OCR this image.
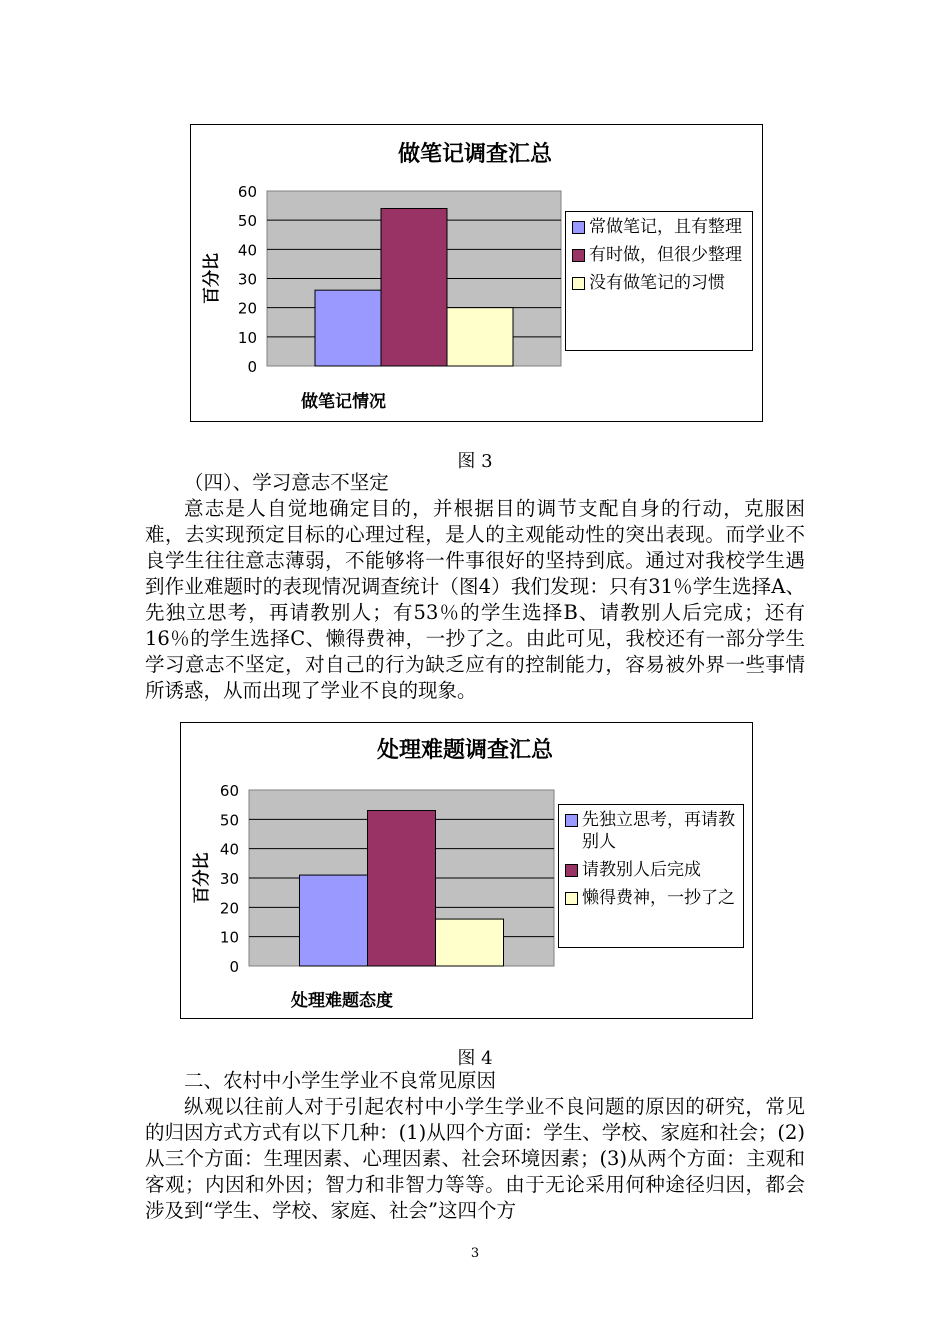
0
10
20
30
40
50
60
做笔记调查汇总
百分比
做笔记情况
常做笔记，且有整理
有时做，但很少整理
没有做笔记的习惯
图 3

（四）、学习意志不坚定

意志是人自觉地确定目的，并根据目的调节支配自身的行动，克服困难，去实现预定目标的心理过程，是人的主观能动性的突出表现。而学业不良学生往往意志薄弱，不能够将一件事很好的坚持到底。通过对我校学生遇到作业难题时的表现情况调查统计（图4）我们发现：只有31％学生选择A、先独立思考，再请教别人；有53％的学生选择B、请教别人后完成；还有16％的学生选择C、懒得费神，一抄了之。由此可见，我校还有一部分学生学习意志不坚定，对自己的行为缺乏应有的控制能力，容易被外界一些事情所诱惑，从而出现了学业不良的现象。

0
10
20
30
40
50
60
处理难题调查汇总
百分比
处理难题态度
先独立思考，再请教别人
请教别人后完成
懒得费神，一抄了之
图 4

二、农村中小学生学业不良常见原因

纵观以往前人对于引起农村中小学生学业不良问题的原因的研究，常见的归因方式方式有以下几种：(1)从四个方面：学生、学校、家庭和社会；(2)从三个方面：生理因素、心理因素、社会环境因素；(3)从两个方面：主观和客观；内因和外因；智力和非智力等等。由于无论采用何种途径归因，都会涉及到“学生、学校、家庭、社会”这四个方

3
